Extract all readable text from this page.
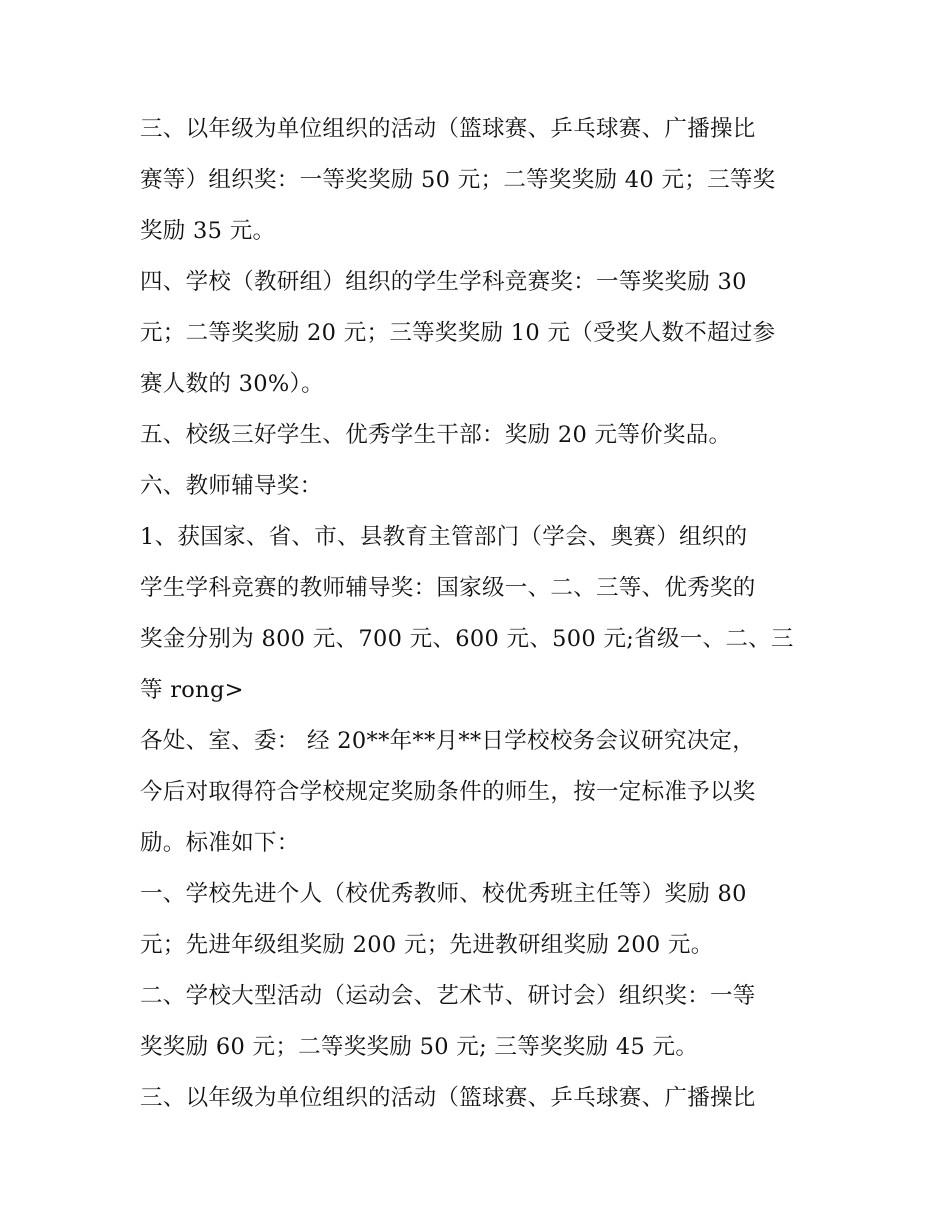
三、以年级为单位组织的活动（篮球赛、乒乓球赛、广播操比
赛等）组织奖：一等奖奖励 50 元；二等奖奖励 40 元；三等奖
奖励 35 元。
四、学校（教研组）组织的学生学科竞赛奖：一等奖奖励 30
元；二等奖奖励 20 元；三等奖奖励 10 元（受奖人数不超过参
赛人数的 30%）。
五、校级三好学生、优秀学生干部：奖励 20 元等价奖品。
六、教师辅导奖：
1、获国家、省、市、县教育主管部门（学会、奥赛）组织的
学生学科竞赛的教师辅导奖：国家级一、二、三等、优秀奖的
奖金分别为 800 元、700 元、600 元、500 元;省级一、二、三
等 rong>
各处、室、委： 经 20**年**月**日学校校务会议研究决定，
今后对取得符合学校规定奖励条件的师生，按一定标准予以奖
励。标准如下：
一、学校先进个人（校优秀教师、校优秀班主任等）奖励 80
元；先进年级组奖励 200 元；先进教研组奖励 200 元。
二、学校大型活动（运动会、艺术节、研讨会）组织奖：一等
奖奖励 60 元；二等奖奖励 50 元; 三等奖奖励 45 元。
三、以年级为单位组织的活动（篮球赛、乒乓球赛、广播操比
